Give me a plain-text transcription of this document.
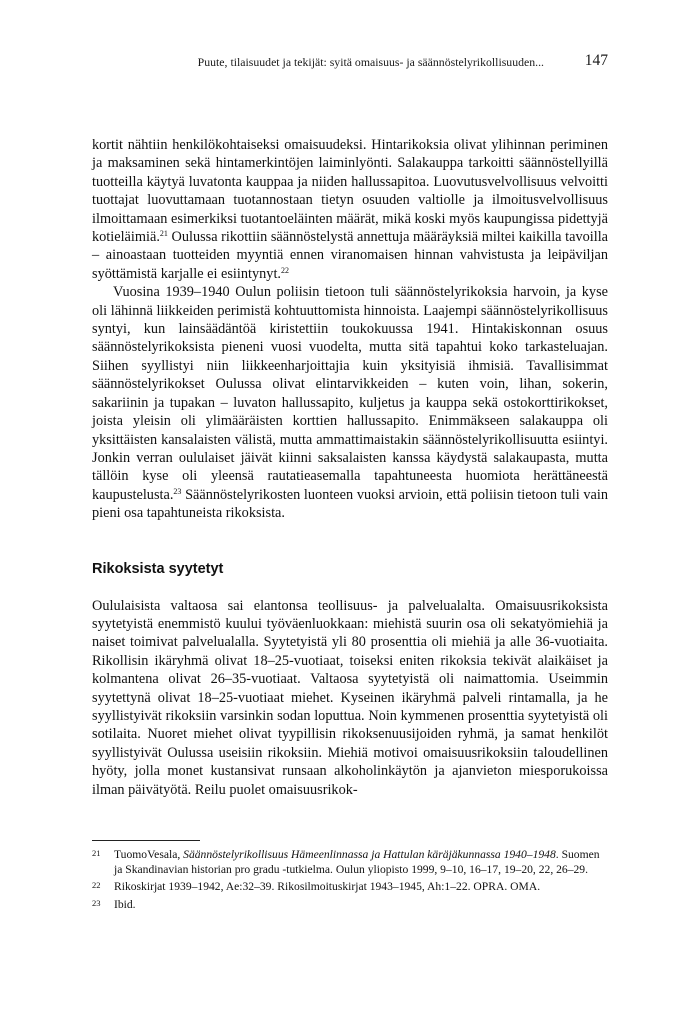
Puute, tilaisuudet ja tekijät: syitä omaisuus- ja säännöstelyrikollisuuden...	147

kortit nähtiin henkilökohtaiseksi omaisuudeksi. Hintarikoksia olivat ylihinnan periminen ja maksaminen sekä hintamerkintöjen laiminlyönti. Salakauppa tarkoitti säännöstellyillä tuotteilla käytyä luvatonta kauppaa ja niiden hallussapitoa. Luovutusvelvollisuus velvoitti tuottajat luovuttamaan tuotannostaan tietyn osuuden valtiolle ja ilmoitusvelvollisuus ilmoittamaan esimerkiksi tuotantoeläinten määrät, mikä koski myös kaupungissa pidettyjä kotieläimiä.$^{21}$ Oulussa rikottiin säännöstelystä annettuja määräyksiä miltei kaikilla tavoilla – ainoastaan tuotteiden myyntiä ennen viranomaisen hinnan vahvistusta ja leipäviljan syöttämistä karjalle ei esiintynyt.$^{22}$

Vuosina 1939–1940 Oulun poliisin tietoon tuli säännöstelyrikoksia harvoin, ja kyse oli lähinnä liikkeiden perimistä kohtuuttomista hinnoista. Laajempi säännöstelyrikollisuus syntyi, kun lainsäädäntöä kiristettiin toukokuussa 1941. Hintakiskonnan osuus säännöstelyrikoksista pieneni vuosi vuodelta, mutta sitä tapahtui koko tarkasteluajan. Siihen syyllistyi niin liikkeenharjoittajia kuin yksityisiä ihmisiä. Tavallisimmat säännöstelyrikokset Oulussa olivat elintarvikkeiden – kuten voin, lihan, sokerin, sakariinin ja tupakan – luvaton hallussapito, kuljetus ja kauppa sekä ostokorttirikokset, joista yleisin oli ylimääräisten korttien hallussapito. Enimmäkseen salakauppa oli yksittäisten kansalaisten välistä, mutta ammattimaistakin säännöstelyrikollisuutta esiintyi. Jonkin verran oululaiset jäivät kiinni saksalaisten kanssa käydystä salakaupasta, mutta tällöin kyse oli yleensä rautatieasemalla tapahtuneesta huomiota herättäneestä kaupustelusta.$^{23}$ Säännöstelyrikosten luonteen vuoksi arvioin, että poliisin tietoon tuli vain pieni osa tapahtuneista rikoksista.

Rikoksista syytetyt

Oululaisista valtaosa sai elantonsa teollisuus- ja palvelualalta. Omaisuusrikoksista syytetyistä enemmistö kuului työväenluokkaan: miehistä suurin osa oli sekatyömiehiä ja naiset toimivat palvelualalla. Syytetyistä yli 80 prosenttia oli miehiä ja alle 36-vuotiaita. Rikollisin ikäryhmä olivat 18–25-vuotiaat, toiseksi eniten rikoksia tekivät alaikäiset ja kolmantena olivat 26–35-vuotiaat. Valtaosa syytetyistä oli naimattomia. Useimmin syytettynä olivat 18–25-vuotiaat miehet. Kyseinen ikäryhmä palveli rintamalla, ja he syyllistyivät rikoksiin varsinkin sodan loputtua. Noin kymmenen prosenttia syytetyistä oli sotilaita. Nuoret miehet olivat tyypillisin rikoksenuusijoiden ryhmä, ja samat henkilöt syyllistyivät Oulussa useisiin rikoksiin. Miehiä motivoi omaisuusrikoksiin taloudellinen hyöty, jolla monet kustansivat runsaan alkoholinkäytön ja ajanvieton miesporukoissa ilman päivätyötä. Reilu puolet omaisuusrikok-

21 TuomoVesala, Säännöstelyrikollisuus Hämeenlinnassa ja Hattulan käräjäkunnassa 1940–1948. Suomen ja Skandinavian historian pro gradu -tutkielma. Oulun yliopisto 1999, 9–10, 16–17, 19–20, 22, 26–29.
22 Rikoskirjat 1939–1942, Ae:32–39. Rikosilmoituskirjat 1943–1945, Ah:1–22. OPRA. OMA.
23 Ibid.
